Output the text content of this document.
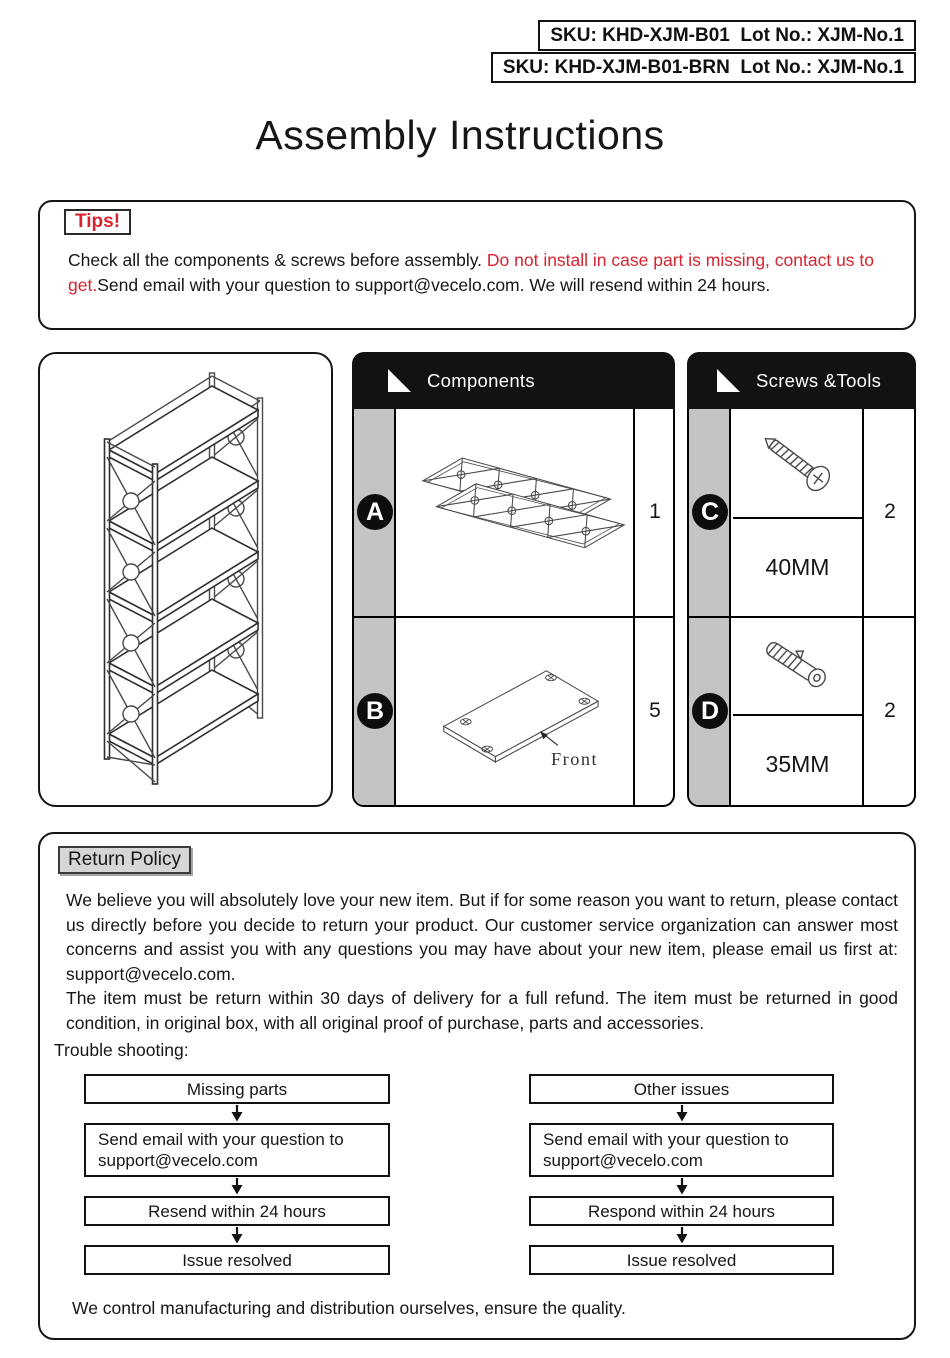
SKU: KHD-XJM-B01  Lot No.: XJM-No.1
SKU: KHD-XJM-B01-BRN  Lot No.: XJM-No.1
Assembly Instructions
Tips!

Check all the components & screws before assembly. Do not install in case part is missing, contact us to get.Send email with your question to support@vecelo.com. We will resend within 24 hours.

Components
A	1
B	5
Front
Screws &Tools
C	2
40MM
D	2
35MM
Return Policy

We believe you will absolutely love your new item. But if for some reason you want to return, please contact us directly before you decide to return your product. Our customer service organization can answer most concerns and assist you with any questions you may have about your new item, please email us first at: support@vecelo.com.

The item must be return within 30 days of delivery for a full refund. The item must be returned in good condition, in original box, with all original proof of purchase, parts and accessories.

Trouble shooting:
Missing parts
Send email with your question to support@vecelo.com
Resend within 24 hours
Issue resolved
Other issues
Send email with your question to support@vecelo.com
Respond within 24 hours
Issue resolved
We control manufacturing and distribution ourselves, ensure the quality.
